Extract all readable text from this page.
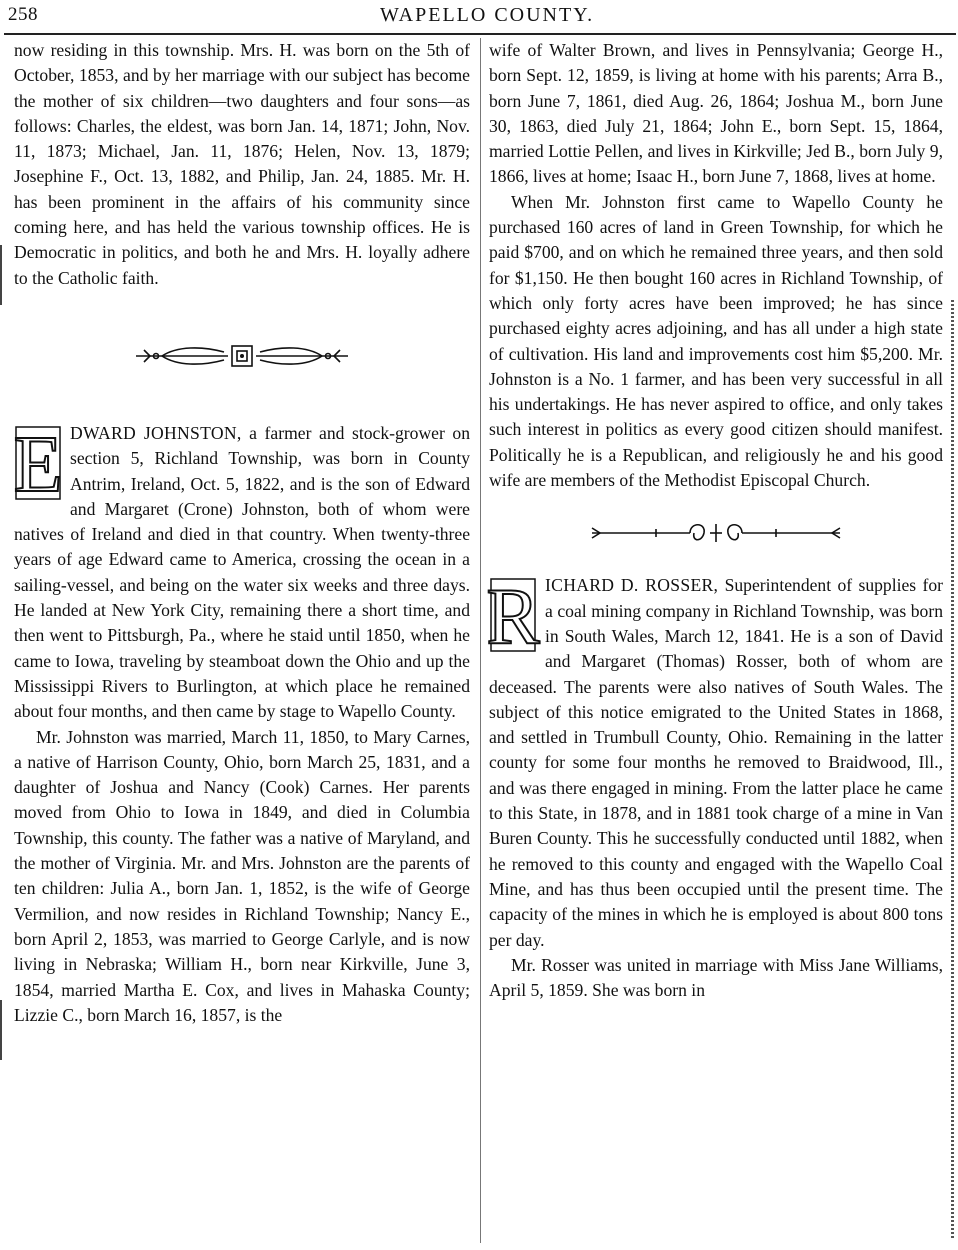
258	WAPELLO COUNTY.

now residing in this township. Mrs. H. was born on the 5th of October, 1853, and by her marriage with our subject has become the mother of six children—two daughters and four sons—as follows: Charles, the eldest, was born Jan. 14, 1871; John, Nov. 11, 1873; Michael, Jan. 11, 1876; Helen, Nov. 13, 1879; Josephine F., Oct. 13, 1882, and Philip, Jan. 24, 1885. Mr. H. has been prominent in the affairs of his community since coming here, and has held the various township offices. He is Democratic in politics, and both he and Mrs. H. loyally adhere to the Catholic faith.

E DWARD JOHNSTON, a farmer and stock-grower on section 5, Richland Township, was born in County Antrim, Ireland, Oct. 5, 1822, and is the son of Edward and Margaret (Crone) Johnston, both of whom were natives of Ireland and died in that country. When twenty-three years of age Edward came to America, crossing the ocean in a sailing-vessel, and being on the water six weeks and three days. He landed at New York City, remaining there a short time, and then went to Pittsburgh, Pa., where he staid until 1850, when he came to Iowa, traveling by steamboat down the Ohio and up the Mississippi Rivers to Burlington, at which place he remained about four months, and then came by stage to Wapello County.

Mr. Johnston was married, March 11, 1850, to Mary Carnes, a native of Harrison County, Ohio, born March 25, 1831, and a daughter of Joshua and Nancy (Cook) Carnes. Her parents moved from Ohio to Iowa in 1849, and died in Columbia Township, this county. The father was a native of Maryland, and the mother of Virginia. Mr. and Mrs. Johnston are the parents of ten children: Julia A., born Jan. 1, 1852, is the wife of George Vermilion, and now resides in Richland Township; Nancy E., born April 2, 1853, was married to George Carlyle, and is now living in Nebraska; William H., born near Kirkville, June 3, 1854, married Martha E. Cox, and lives in Mahaska County; Lizzie C., born March 16, 1857, is the

wife of Walter Brown, and lives in Pennsylvania; George H., born Sept. 12, 1859, is living at home with his parents; Arra B., born June 7, 1861, died Aug. 26, 1864; Joshua M., born June 30, 1863, died July 21, 1864; John E., born Sept. 15, 1864, married Lottie Pellen, and lives in Kirkville; Jed B., born July 9, 1866, lives at home; Isaac H., born June 7, 1868, lives at home.

When Mr. Johnston first came to Wapello County he purchased 160 acres of land in Green Township, for which he paid $700, and on which he remained three years, and then sold for $1,150. He then bought 160 acres in Richland Township, of which only forty acres have been improved; he has since purchased eighty acres adjoining, and has all under a high state of cultivation. His land and improvements cost him $5,200. Mr. Johnston is a No. 1 farmer, and has been very successful in all his undertakings. He has never aspired to office, and only takes such interest in politics as every good citizen should manifest. Politically he is a Republican, and religiously he and his good wife are members of the Methodist Episcopal Church.

R ICHARD D. ROSSER, Superintendent of supplies for a coal mining company in Richland Township, was born in South Wales, March 12, 1841. He is a son of David and Margaret (Thomas) Rosser, both of whom are deceased. The parents were also natives of South Wales. The subject of this notice emigrated to the United States in 1868, and settled in Trumbull County, Ohio. Remaining in the latter county for some four months he removed to Braidwood, Ill., and was there engaged in mining. From the latter place he came to this State, in 1878, and in 1881 took charge of a mine in Van Buren County. This he successfully conducted until 1882, when he removed to this county and engaged with the Wapello Coal Mine, and has thus been occupied until the present time. The capacity of the mines in which he is employed is about 800 tons per day.

Mr. Rosser was united in marriage with Miss Jane Williams, April 5, 1859. She was born in
